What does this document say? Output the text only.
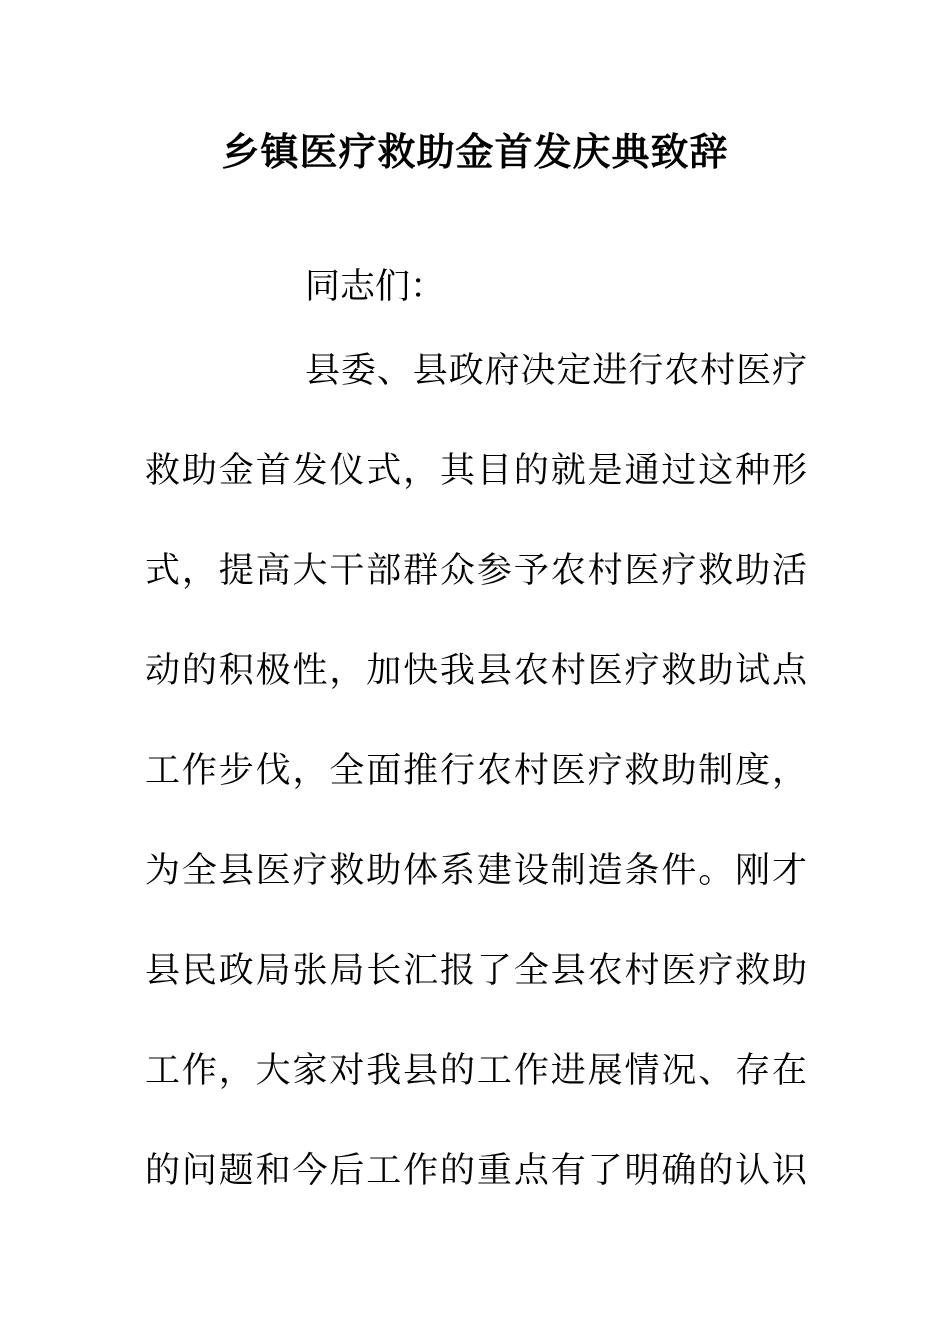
乡镇医疗救助金首发庆典致辞
同志们：
县委、县政府决定进行农村医疗
救助金首发仪式，其目的就是通过这种形
式，提高大干部群众参予农村医疗救助活
动的积极性，加快我县农村医疗救助试点
工作步伐，全面推行农村医疗救助制度，
为全县医疗救助体系建设制造条件。刚才
县民政局张局长汇报了全县农村医疗救助
工作，大家对我县的工作进展情况、存在
的问题和今后工作的重点有了明确的认识
